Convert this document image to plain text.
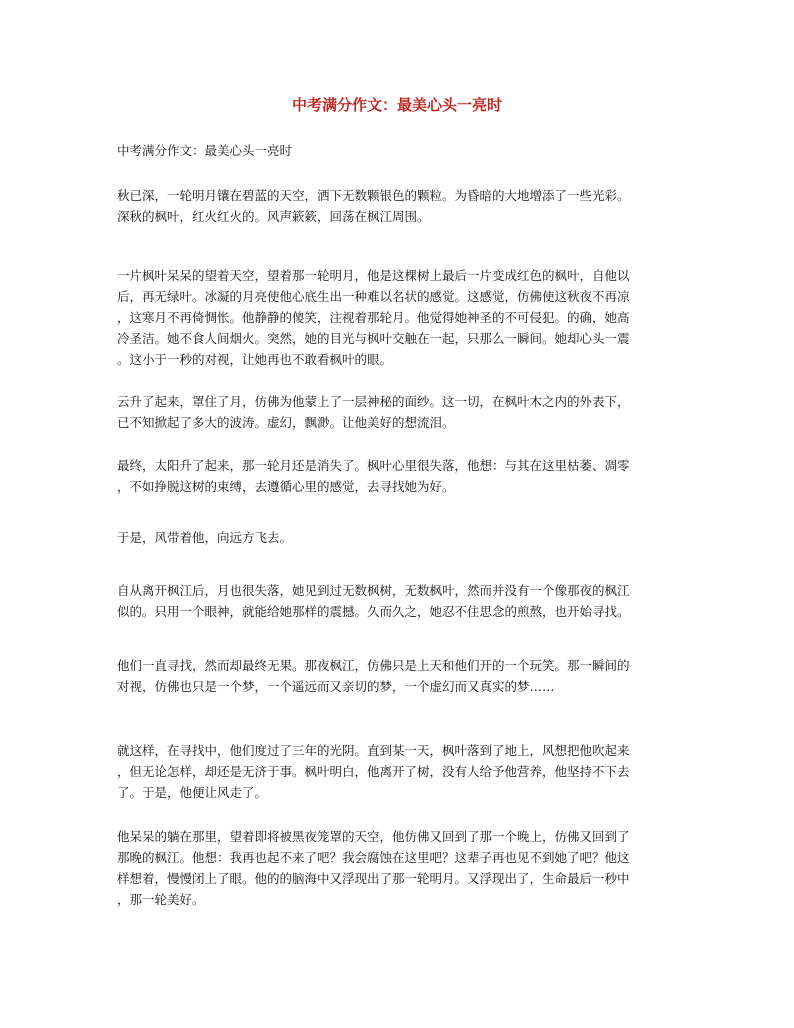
中考满分作文：最美心头一亮时

中考满分作文：最美心头一亮时

秋已深，一轮明月镶在碧蓝的天空，洒下无数颗银色的颗粒。为昏暗的大地增添了一些光彩。
深秋的枫叶，红火红火的。风声簌簌，回荡在枫江周围。
一片枫叶呆呆的望着天空，望着那一轮明月，他是这棵树上最后一片变成红色的枫叶，自他以
后，再无绿叶。冰凝的月亮使他心底生出一种难以名状的感觉。这感觉，仿佛使这秋夜不再凉
，这寒月不再倚惆怅。他静静的傻笑，注视着那轮月。他觉得她神圣的不可侵犯。的确，她高
冷圣洁。她不食人间烟火。突然，她的目光与枫叶交触在一起，只那么一瞬间。她却心头一震
。这小于一秒的对视，让她再也不敢看枫叶的眼。
云升了起来，罩住了月，仿佛为他蒙上了一层神秘的面纱。这一切，在枫叶木之内的外表下，
已不知掀起了多大的波涛。虚幻，飘渺。让他美好的想流泪。
最终，太阳升了起来，那一轮月还是消失了。枫叶心里很失落，他想：与其在这里枯萎、凋零
，不如挣脱这树的束缚，去遵循心里的感觉，去寻找她为好。
于是，风带着他，向远方飞去。
自从离开枫江后，月也很失落，她见到过无数枫树，无数枫叶，然而并没有一个像那夜的枫江
似的。只用一个眼神，就能给她那样的震撼。久而久之，她忍不住思念的煎熬，也开始寻找。
他们一直寻找，然而却最终无果。那夜枫江，仿佛只是上天和他们开的一个玩笑。那一瞬间的
对视，仿佛也只是一个梦，一个遥远而又亲切的梦，一个虚幻而又真实的梦……
就这样，在寻找中，他们度过了三年的光阴。直到某一天，枫叶落到了地上，风想把他吹起来
，但无论怎样，却还是无济于事。枫叶明白，他离开了树，没有人给予他营养，他坚持不下去
了。于是，他便让风走了。
他呆呆的躺在那里，望着即将被黑夜笼罩的天空，他仿佛又回到了那一个晚上，仿佛又回到了
那晚的枫江。他想：我再也起不来了吧？我会腐蚀在这里吧？这辈子再也见不到她了吧？他这
样想着，慢慢闭上了眼。他的的脑海中又浮现出了那一轮明月。又浮现出了，生命最后一秒中
，那一轮美好。
